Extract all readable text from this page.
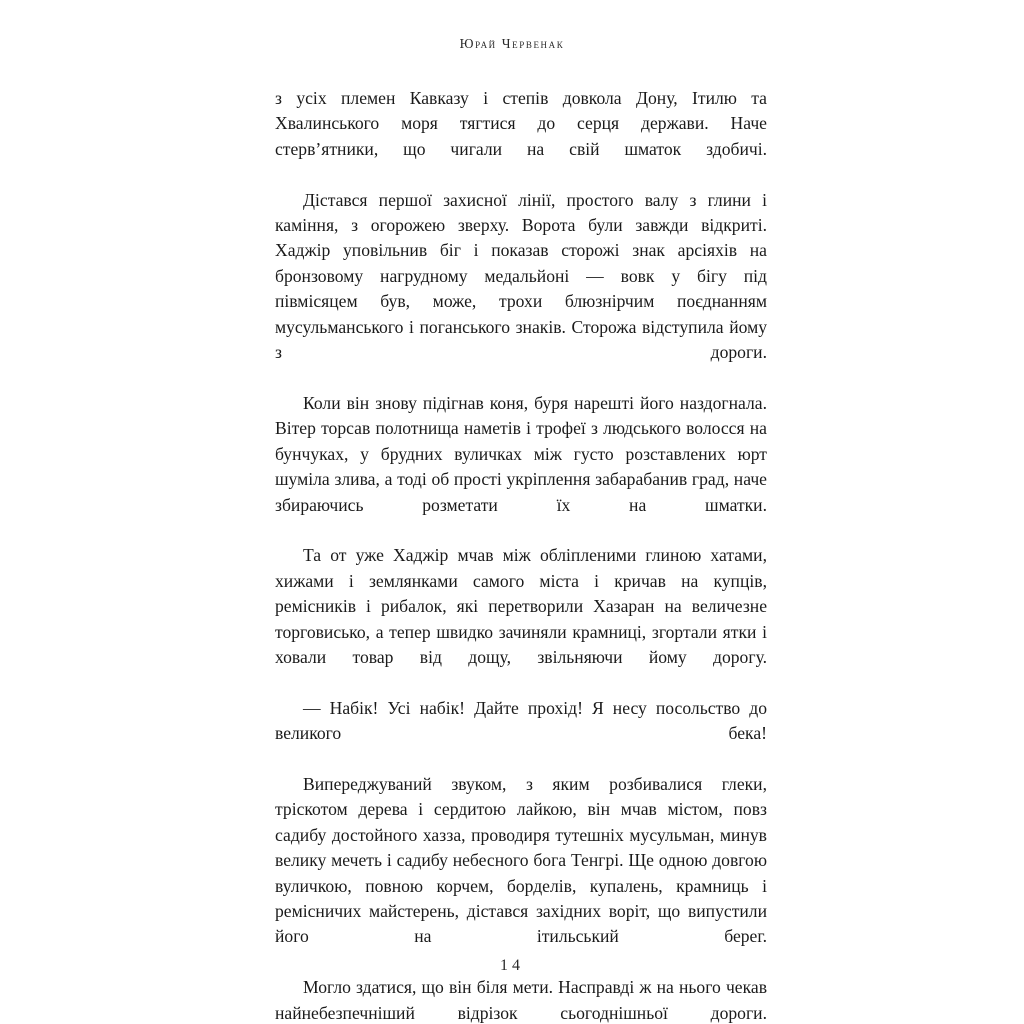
Юрай Червенак

з усіх племен Кавказу і степів довкола Дону, Ітилю та Хвалинського моря тягтися до серця держави. Наче стерв’ятники, що чигали на свій шматок здобичі.

Дістався першої захисної лінії, простого валу з глини і каміння, з огорожею зверху. Ворота були завжди відкриті. Хаджір уповільнив біг і показав сторожі знак арсіяхів на бронзовому нагрудному медальйоні — вовк у бігу під півмісяцем був, може, трохи блюзнірчим поєднанням мусульманського і поганського знаків. Сторожа відступила йому з дороги.

Коли він знову підігнав коня, буря нарешті його наздогнала. Вітер торсав полотнища наметів і трофеї з людського волосся на бунчуках, у брудних вуличках між густо розставлених юрт шуміла злива, а тоді об прості укріплення забарабанив град, наче збираючись розметати їх на шматки.

Та от уже Хаджір мчав між обліпленими глиною хатами, хижами і землянками самого міста і кричав на купців, ремісників і рибалок, які перетворили Хазаран на величезне торговисько, а тепер швидко зачиняли крамниці, згортали ятки і ховали товар від дощу, звільняючи йому дорогу.

— Набік! Усі набік! Дайте прохід! Я несу посольство до великого бека!

Випереджуваний звуком, з яким розбивалися глеки, тріскотом дерева і сердитою лайкою, він мчав містом, повз садибу достойного хазза, проводиря тутешніх мусульман, минув велику мечеть і садибу небесного бога Тенгрі. Ще одною довгою вуличкою, повною корчем, борделів, купалень, крамниць і ремісничих майстерень, дістався західних воріт, що випустили його на ітильський берег.

Могло здатися, що він біля мети. Насправді ж на нього чекав найнебезпечніший відрізок сьогоднішньої дороги.

14
